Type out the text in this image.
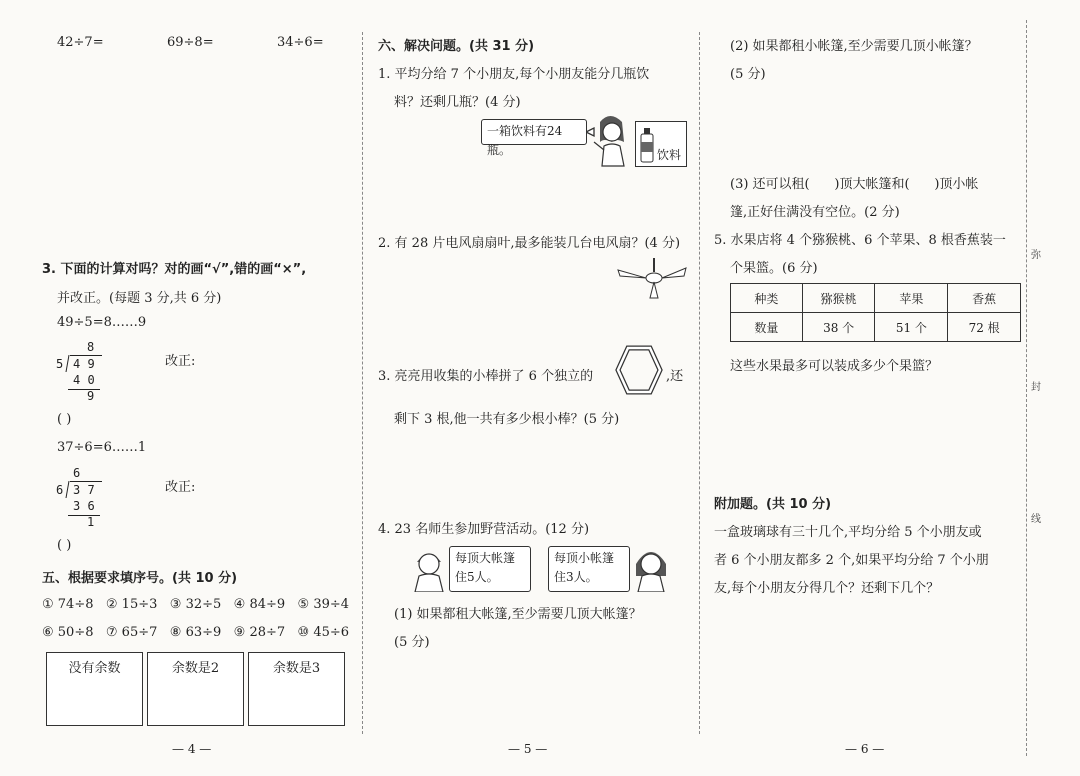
42÷7=	69÷8=	34÷6=
3. 下面的计算对吗？对的画“√”,错的画“×”,
并改正。(每题 3 分,共 6 分)
49÷5=8……9
8
5 4 9
4 0
9
改正:
( )
37÷6=6……1
6
6 3 7
3 6
1
改正:
( )
五、根据要求填序号。(共 10 分)
① 74÷8   ② 15÷3   ③ 32÷5   ④ 84÷9   ⑤ 39÷4
⑥ 50÷8   ⑦ 65÷7   ⑧ 63÷9   ⑨ 28÷7   ⑩ 45÷6
没有余数	余数是2	余数是3
— 4 —
六、解决问题。(共 31 分)
1. 平均分给 7 个小朋友,每个小朋友能分几瓶饮
料？还剩几瓶？(4 分)
一箱饮料有24瓶。	饮料
2. 有 28 片电风扇扇叶,最多能装几台电风扇？(4 分)
3. 亮亮用收集的小棒拼了 6 个独立的	,还
剩下 3 根,他一共有多少根小棒？(5 分)
4. 23 名师生参加野营活动。(12 分)
每顶大帐篷
住5人。
每顶小帐篷
住3人。
(1) 如果都租大帐篷,至少需要几顶大帐篷？
(5 分)
— 5 —
(2) 如果都租小帐篷,至少需要几顶小帐篷？
(5 分)
(3) 还可以租(      )顶大帐篷和(      )顶小帐
篷,正好住满没有空位。(2 分)
5. 水果店将 4 个猕猴桃、6 个苹果、8 根香蕉装一
个果篮。(6 分)
种类	猕猴桃	苹果	香蕉
数量	38 个	51 个	72 根
这些水果最多可以装成多少个果篮？
附加题。(共 10 分)
一盒玻璃球有三十几个,平均分给 5 个小朋友或
者 6 个小朋友都多 2 个,如果平均分给 7 个小朋
友,每个小朋友分得几个？还剩下几个？
— 6 —
弥
封
线
